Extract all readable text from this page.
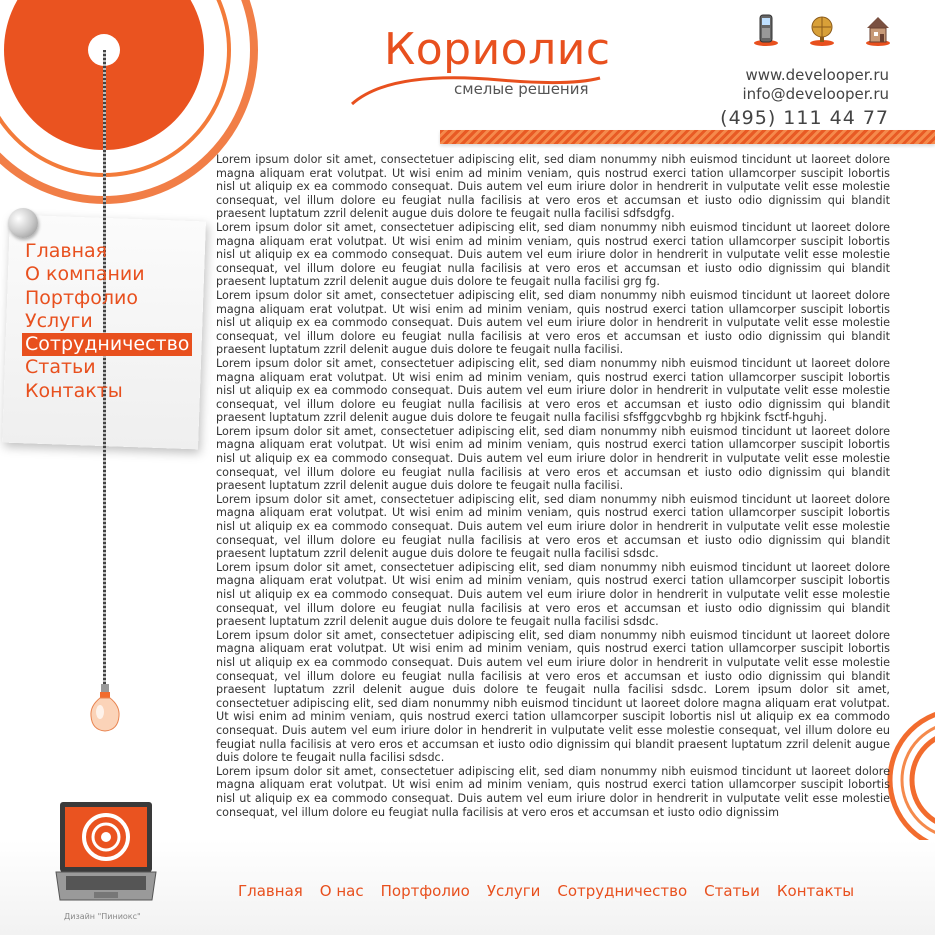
Кориолис
смелые решения
www.develooper.ru
info@develooper.ru
(495) 111 44 77
Главная
О компании
Портфолио
Услуги
Сотрудничество
Статьи
Контакты

Lorem ipsum dolor sit amet, consectetuer adipiscing elit, sed diam nonummy nibh euismod tincidunt ut laoreet dolore magna aliquam erat volutpat. Ut wisi enim ad minim veniam, quis nostrud exerci tation ullamcorper suscipit lobortis nisl ut aliquip ex ea commodo consequat. Duis autem vel eum iriure dolor in hendrerit in vulputate velit esse molestie consequat, vel illum dolore eu feugiat nulla facilisis at vero eros et accumsan et iusto odio dignissim qui blandit praesent luptatum zzril delenit augue duis dolore te feugait nulla facilisi sdfsdgfg.

Lorem ipsum dolor sit amet, consectetuer adipiscing elit, sed diam nonummy nibh euismod tincidunt ut laoreet dolore magna aliquam erat volutpat. Ut wisi enim ad minim veniam, quis nostrud exerci tation ullamcorper suscipit lobortis nisl ut aliquip ex ea commodo consequat. Duis autem vel eum iriure dolor in hendrerit in vulputate velit esse molestie consequat, vel illum dolore eu feugiat nulla facilisis at vero eros et accumsan et iusto odio dignissim qui blandit praesent luptatum zzril delenit augue duis dolore te feugait nulla facilisi grg fg.

Lorem ipsum dolor sit amet, consectetuer adipiscing elit, sed diam nonummy nibh euismod tincidunt ut laoreet dolore magna aliquam erat volutpat. Ut wisi enim ad minim veniam, quis nostrud exerci tation ullamcorper suscipit lobortis nisl ut aliquip ex ea commodo consequat. Duis autem vel eum iriure dolor in hendrerit in vulputate velit esse molestie consequat, vel illum dolore eu feugiat nulla facilisis at vero eros et accumsan et iusto odio dignissim qui blandit praesent luptatum zzril delenit augue duis dolore te feugait nulla facilisi.

Lorem ipsum dolor sit amet, consectetuer adipiscing elit, sed diam nonummy nibh euismod tincidunt ut laoreet dolore magna aliquam erat volutpat. Ut wisi enim ad minim veniam, quis nostrud exerci tation ullamcorper suscipit lobortis nisl ut aliquip ex ea commodo consequat. Duis autem vel eum iriure dolor in hendrerit in vulputate velit esse molestie consequat, vel illum dolore eu feugiat nulla facilisis at vero eros et accumsan et iusto odio dignissim qui blandit praesent luptatum zzril delenit augue duis dolore te feugait nulla facilisi sfsffggcvbghb rg hbjkink fsctf-hguhj.

Lorem ipsum dolor sit amet, consectetuer adipiscing elit, sed diam nonummy nibh euismod tincidunt ut laoreet dolore magna aliquam erat volutpat. Ut wisi enim ad minim veniam, quis nostrud exerci tation ullamcorper suscipit lobortis nisl ut aliquip ex ea commodo consequat. Duis autem vel eum iriure dolor in hendrerit in vulputate velit esse molestie consequat, vel illum dolore eu feugiat nulla facilisis at vero eros et accumsan et iusto odio dignissim qui blandit praesent luptatum zzril delenit augue duis dolore te feugait nulla facilisi.

Lorem ipsum dolor sit amet, consectetuer adipiscing elit, sed diam nonummy nibh euismod tincidunt ut laoreet dolore magna aliquam erat volutpat. Ut wisi enim ad minim veniam, quis nostrud exerci tation ullamcorper suscipit lobortis nisl ut aliquip ex ea commodo consequat. Duis autem vel eum iriure dolor in hendrerit in vulputate velit esse molestie consequat, vel illum dolore eu feugiat nulla facilisis at vero eros et accumsan et iusto odio dignissim qui blandit praesent luptatum zzril delenit augue duis dolore te feugait nulla facilisi sdsdc.

Lorem ipsum dolor sit amet, consectetuer adipiscing elit, sed diam nonummy nibh euismod tincidunt ut laoreet dolore magna aliquam erat volutpat. Ut wisi enim ad minim veniam, quis nostrud exerci tation ullamcorper suscipit lobortis nisl ut aliquip ex ea commodo consequat. Duis autem vel eum iriure dolor in hendrerit in vulputate velit esse molestie consequat, vel illum dolore eu feugiat nulla facilisis at vero eros et accumsan et iusto odio dignissim qui blandit praesent luptatum zzril delenit augue duis dolore te feugait nulla facilisi sdsdc.

Lorem ipsum dolor sit amet, consectetuer adipiscing elit, sed diam nonummy nibh euismod tincidunt ut laoreet dolore magna aliquam erat volutpat. Ut wisi enim ad minim veniam, quis nostrud exerci tation ullamcorper suscipit lobortis nisl ut aliquip ex ea commodo consequat. Duis autem vel eum iriure dolor in hendrerit in vulputate velit esse molestie consequat, vel illum dolore eu feugiat nulla facilisis at vero eros et accumsan et iusto odio dignissim qui blandit praesent luptatum zzril delenit augue duis dolore te feugait nulla facilisi sdsdc. Lorem ipsum dolor sit amet, consectetuer adipiscing elit, sed diam nonummy nibh euismod tincidunt ut laoreet dolore magna aliquam erat volutpat. Ut wisi enim ad minim veniam, quis nostrud exerci tation ullamcorper suscipit lobortis nisl ut aliquip ex ea commodo consequat. Duis autem vel eum iriure dolor in hendrerit in vulputate velit esse molestie consequat, vel illum dolore eu feugiat nulla facilisis at vero eros et accumsan et iusto odio dignissim qui blandit praesent luptatum zzril delenit augue duis dolore te feugait nulla facilisi sdsdc.

Lorem ipsum dolor sit amet, consectetuer adipiscing elit, sed diam nonummy nibh euismod tincidunt ut laoreet dolore magna aliquam erat volutpat. Ut wisi enim ad minim veniam, quis nostrud exerci tation ullamcorper suscipit lobortis nisl ut aliquip ex ea commodo consequat. Duis autem vel eum iriure dolor in hendrerit in vulputate velit esse molestie consequat, vel illum dolore eu feugiat nulla facilisis at vero eros et accumsan et iusto odio dignissim

Главная О нас Портфолио Услуги Сотрудничество Статьи Контакты
Дизайн "Пиниокс"
